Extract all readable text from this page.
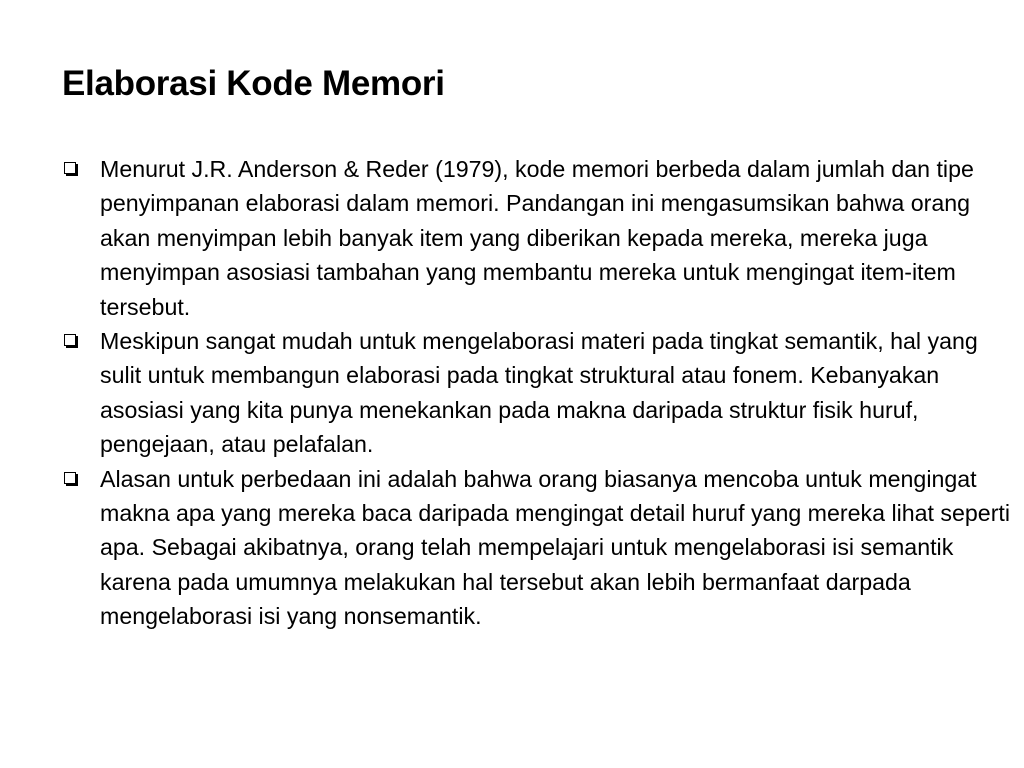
Elaborasi Kode Memori
Menurut J.R. Anderson & Reder (1979), kode memori berbeda dalam jumlah dan tipe penyimpanan elaborasi dalam memori. Pandangan ini mengasumsikan bahwa orang akan menyimpan lebih banyak item yang diberikan kepada mereka, mereka juga menyimpan asosiasi tambahan yang membantu mereka untuk mengingat item-item tersebut.
Meskipun sangat mudah untuk mengelaborasi materi pada tingkat semantik, hal yang sulit untuk membangun elaborasi pada tingkat struktural atau fonem. Kebanyakan asosiasi yang kita punya menekankan pada makna daripada struktur fisik huruf, pengejaan, atau pelafalan.
Alasan untuk perbedaan ini adalah bahwa orang biasanya mencoba untuk mengingat makna apa yang mereka baca daripada mengingat detail huruf yang mereka lihat seperti apa. Sebagai akibatnya, orang telah mempelajari untuk mengelaborasi isi semantik karena pada umumnya melakukan hal tersebut akan lebih bermanfaat darpada mengelaborasi isi yang nonsemantik.
